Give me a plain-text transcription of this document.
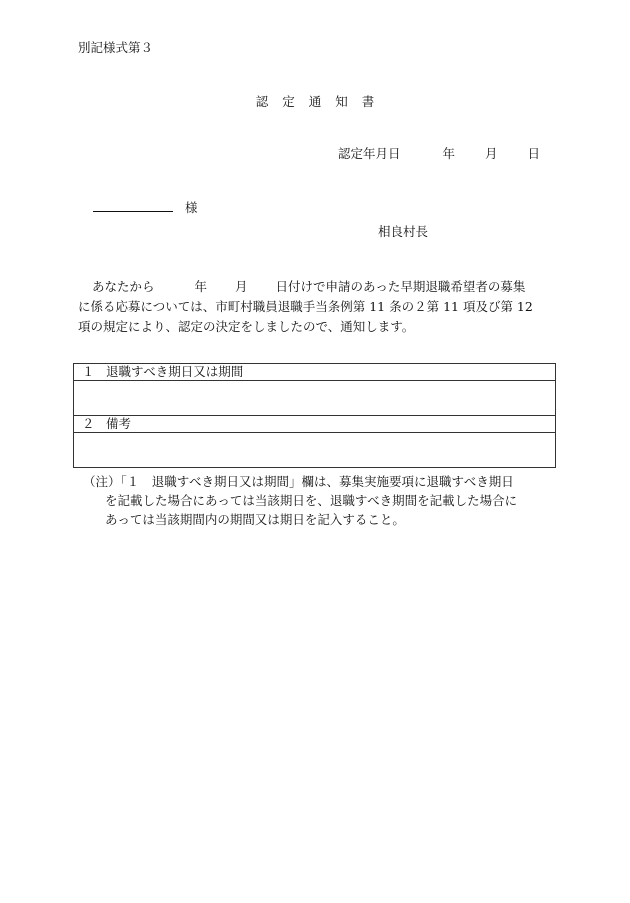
別記様式第３
認 定 通 知 書
認定年月日	年 月 日
様
相良村長

あなたから	年 月 日付けで申請のあった早期退職希望者の募集

に係る応募については、市町村職員退職手当条例第 11 条の２第 11 項及び第 12

項の規定により、認定の決定をしましたので、通知します。

１ 退職すべき期日又は期間
２ 備考

（注）「１　退職すべき期日又は期間」欄は、募集実施要項に退職すべき期日

を記載した場合にあっては当該期日を、退職すべき期間を記載した場合に

あっては当該期間内の期間又は期日を記入すること。
